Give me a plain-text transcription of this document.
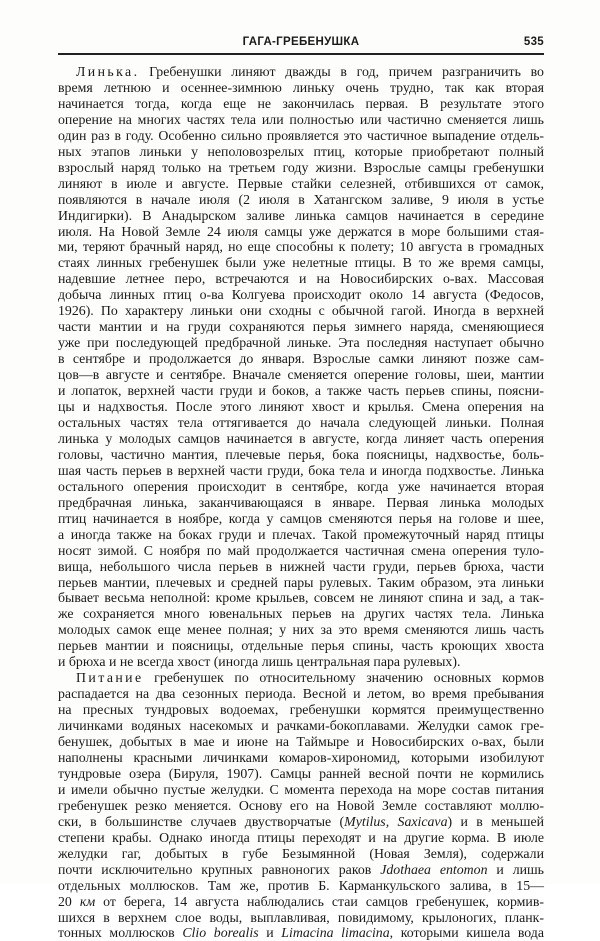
ГАГА-ГРЕБЕНУШКА	535

Линька. Гребенушки линяют дважды в год, причем разграничить во
время летнюю и осеннее-зимнюю линьку очень трудно, так как вторая
начинается тогда, когда еще не закончилась первая. В результате этого
оперение на многих частях тела или полностью или частично сменяется лишь
один раз в году. Особенно сильно проявляется это частичное выпадение отдель-
ных этапов линьки у неполовозрелых птиц, которые приобретают полный
взрослый наряд только на третьем году жизни. Взрослые самцы гребенушки
линяют в июле и августе. Первые стайки селезней, отбившихся от самок,
появляются в начале июля (2 июля в Хатангском заливе, 9 июля в устье
Индигирки). В Анадырском заливе линька самцов начинается в середине
июля. На Новой Земле 24 июля самцы уже держатся в море большими стая-
ми, теряют брачный наряд, но еще способны к полету; 10 августа в громадных
стаях линных гребенушек были уже нелетные птицы. В то же время самцы,
надевшие летнее перо, встречаются и на Новосибирских о-вах. Массовая
добыча линных птиц о-ва Колгуева происходит около 14 августа (Федосов,
1926). По характеру линьки они сходны с обычной гагой. Иногда в верхней
части мантии и на груди сохраняются перья зимнего наряда, сменяющиеся
уже при последующей предбрачной линьке. Эта последняя наступает обычно
в сентябре и продолжается до января. Взрослые самки линяют позже сам-
цов—в августе и сентябре. Вначале сменяется оперение головы, шеи, мантии
и лопаток, верхней части груди и боков, а также часть перьев спины, поясни-
цы и надхвостья. После этого линяют хвост и крылья. Смена оперения на
остальных частях тела оттягивается до начала следующей линьки. Полная
линька у молодых самцов начинается в августе, когда линяет часть оперения
головы, частично мантия, плечевые перья, бока поясницы, надхвостье, боль-
шая часть перьев в верхней части груди, бока тела и иногда подхвостье. Линька
остального оперения происходит в сентябре, когда уже начинается вторая
предбрачная линька, заканчивающаяся в январе. Первая линька молодых
птиц начинается в ноябре, когда у самцов сменяются перья на голове и шее,
а иногда также на боках груди и плечах. Такой промежуточный наряд птицы
носят зимой. С ноября по май продолжается частичная смена оперения туло-
вища, небольшого числа перьев в нижней части груди, перьев брюха, части
перьев мантии, плечевых и средней пары рулевых. Таким образом, эта линьки
бывает весьма неполной: кроме крыльев, совсем не линяют спина и зад, а так-
же сохраняется много ювенальных перьев на других частях тела. Линька
молодых самок еще менее полная; у них за это время сменяются лишь часть
перьев мантии и поясницы, отдельные перья спины, часть кроющих хвоста
и брюха и не всегда хвост (иногда лишь центральная пара рулевых).

Питание гребенушек по относительному значению основных кормов
распадается на два сезонных периода. Весной и летом, во время пребывания
на пресных тундровых водоемах, гребенушки кормятся преимущественно
личинками водяных насекомых и рачками-бокоплавами. Желудки самок гре-
бенушек, добытых в мае и июне на Таймыре и Новосибирских о-вах, были
наполнены красными личинками комаров-хирономид, которыми изобилуют
тундровые озера (Бируля, 1907). Самцы ранней весной почти не кормились
и имели обычно пустые желудки. С момента перехода на море состав питания
гребенушек резко меняется. Основу его на Новой Земле составляют моллю-
ски, в большинстве случаев двустворчатые (Mytilus, Saxicava) и в меньшей
степени крабы. Однако иногда птицы переходят и на другие корма. В июле
желудки гаг, добытых в губе Безымянной (Новая Земля), содержали
почти исключительно крупных равноногих раков Jdothaea entomon и лишь
отдельных моллюсков. Там же, против Б. Карманкульского залива, в 15—
20 км от берега, 14 августа наблюдались стаи самцов гребенушек, кормив-
шихся в верхнем слое воды, выплавливая, повидимому, крылоногих, планк-
тонных моллюсков Clio borealis и Limacina limacina, которыми кишела вода
